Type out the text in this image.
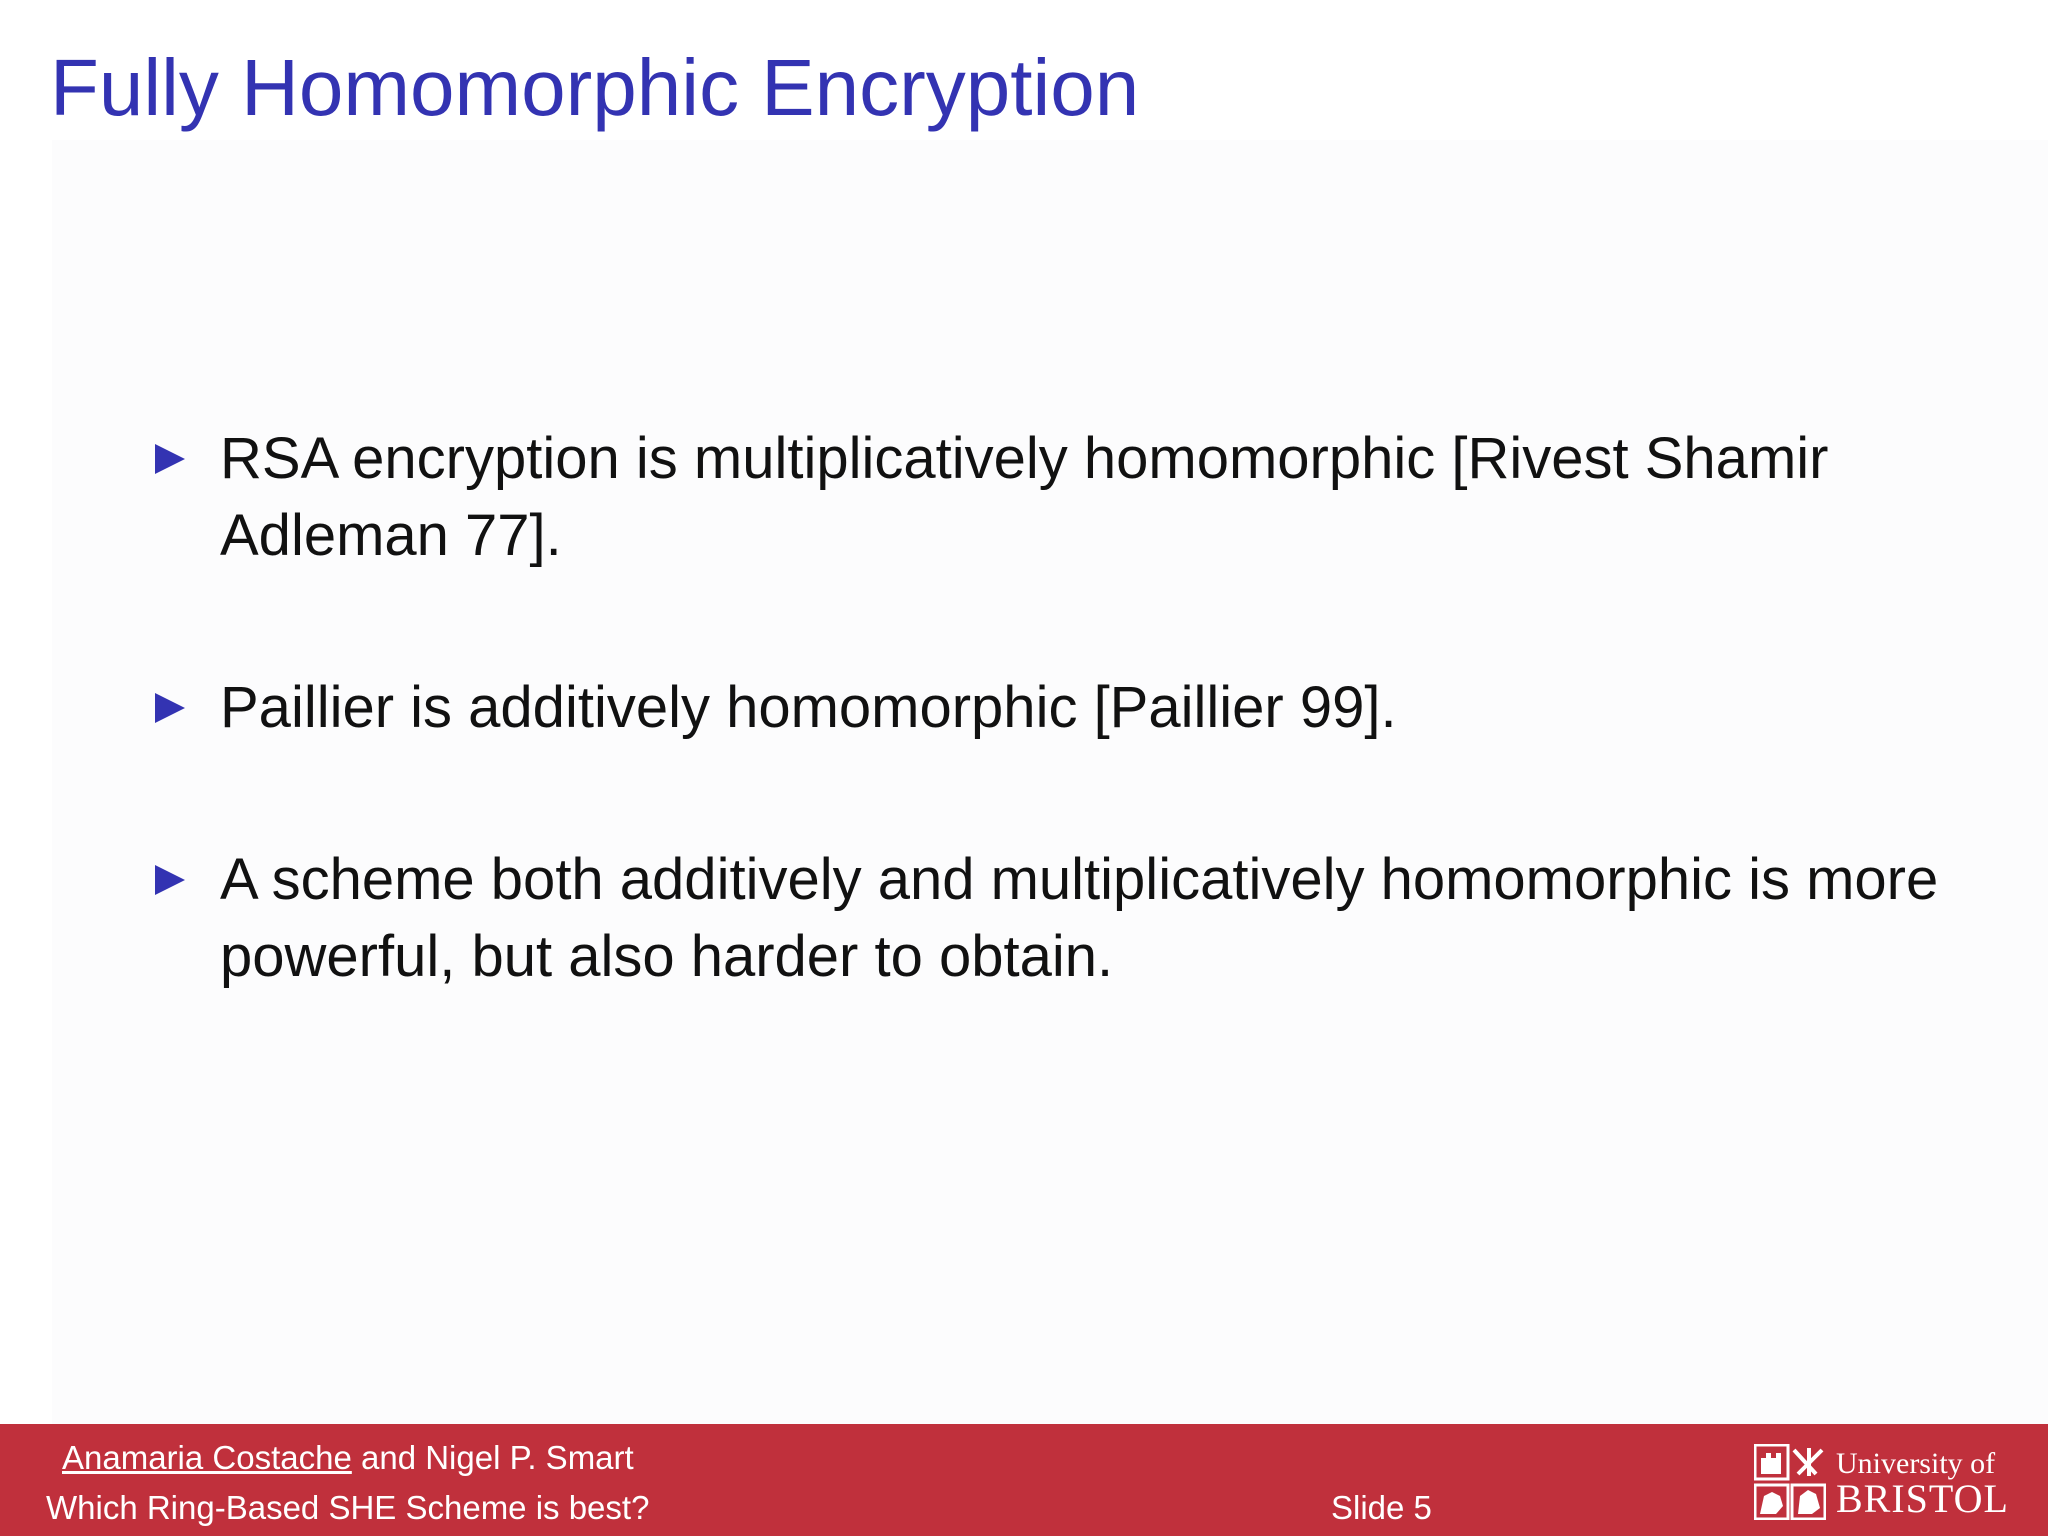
Fully Homomorphic Encryption
RSA encryption is multiplicatively homomorphic [Rivest Shamir Adleman 77].
Paillier is additively homomorphic [Paillier 99].
A scheme both additively and multiplicatively homomorphic is more powerful, but also harder to obtain.
Anamaria Costache and Nigel P. Smart
Which Ring-Based SHE Scheme is best?	Slide 5
University of
BRISTOL
